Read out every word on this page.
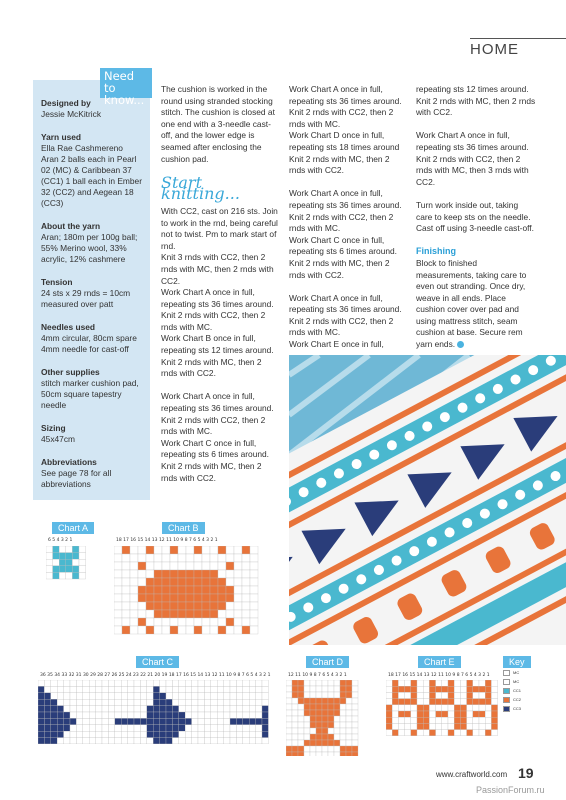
HOME
Designed by
Jessie McKitrick
Yarn used
Ella Rae Cashmereno Aran 2 balls each in Pearl 02 (MC) & Caribbean 37 (CC1) 1 ball each in Ember 32 (CC2) and Aegean 18 (CC3)
About the yarn
Aran; 180m per 100g ball; 55% Merino wool, 33% acrylic, 12% cashmere
Tension
24 sts x 29 rnds = 10cm measured over patt
Needles used
4mm circular, 80cm spare 4mm needle for cast-off
Other supplies
stitch marker cushion pad, 50cm square tapestry needle
Sizing
45x47cm
Abbreviations
See page 78 for all abbreviations
Need to know...

The cushion is worked in the round using stranded stocking stitch. The cushion is closed at one end with a 3-needle cast-off, and the lower edge is seamed after enclosing the cushion pad.

Start knitting...

With CC2, cast on 216 sts. Join to work in the rnd, being careful not to twist. Pm to mark start of rnd.

Knit 3 rnds with CC2, then 2 rnds with MC, then 2 rnds with CC2.

Work Chart A once in full, repeating sts 36 times around. Knit 2 rnds with CC2, then 2 rnds with MC.

Work Chart B once in full, repeating sts 12 times around. Knit 2 rnds with MC, then 2 rnds with CC2.

Work Chart A once in full, repeating sts 36 times around. Knit 2 rnds with CC2, then 2 rnds with MC.

Work Chart C once in full, repeating sts 6 times around. Knit 2 rnds with MC, then 2 rnds with CC2.

Work Chart A once in full, repeating sts 36 times around. Knit 2 rnds with CC2, then 2 rnds with MC.

Work Chart D once in full, repeating sts 18 times around Knit 2 rnds with MC, then 2 rnds with CC2.

Work Chart A once in full, repeating sts 36 times around. Knit 2 rnds with CC2, then 2 rnds with MC.

Work Chart C once in full, repeating sts 6 times around. Knit 2 rnds with MC, then 2 rnds with CC2.

Work Chart A once in full, repeating sts 36 times around. Knit 2 rnds with CC2, then 2 rnds with MC.

Work Chart E once in full,

repeating sts 12 times around. Knit 2 rnds with MC, then 2 rnds with CC2.

Work Chart A once in full, repeating sts 36 times around. Knit 2 rnds with CC2, then 2 rnds with MC, then 3 rnds with CC2.

Turn work inside out, taking care to keep sts on the needle. Cast off using 3-needle cast-off.

Finishing

Block to finished measurements, taking care to even out stranding. Once dry, weave in all ends. Place cushion cover over pad and using mattress stitch, seam cushion at base. Secure rem yarn ends.

Chart A	Chart B
Chart C	Chart D	Chart E	Key
6 5 4 3 2 1	18 17 16 15 14 13 12 11 10 9 8 7 6 5 4 3 2 1
36 35 34 33 32 31 30 29 28 27 26 25 24 23 22 21 20 19 18 17 16 15 14 13 12 11 10 9 8 7 6 5 4 3 2 1	12 11 10 9 8 7 6 5 4 3 2 1	18 17 16 15 14 13 12 11 10 9 8 7 6 5 4 3 2 1
MC
MC
CC1
CC2
CC3
www.craftworld.com 19
PassionForum.ru
